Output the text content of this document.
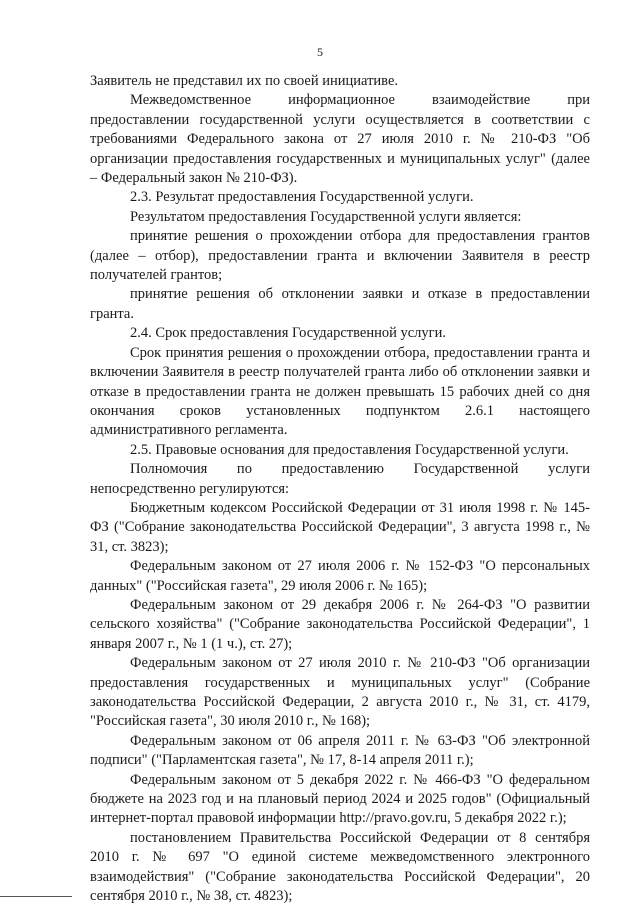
5

Заявитель не представил их по своей инициативе.

Межведомственное информационное взаимодействие при предоставлении государственной услуги осуществляется в соответствии с требованиями Федерального закона от 27 июля 2010 г. № 210-ФЗ "Об организации предоставления государственных и муниципальных услуг" (далее – Федеральный закон № 210-ФЗ).

2.3. Результат предоставления Государственной услуги.

Результатом предоставления Государственной услуги является:

принятие решения о прохождении отбора для предоставления грантов (далее – отбор), предоставлении гранта и включении Заявителя в реестр получателей грантов;

принятие решения об отклонении заявки и отказе в предоставлении гранта.

2.4. Срок предоставления Государственной услуги.

Срок принятия решения о прохождении отбора, предоставлении гранта и включении Заявителя в реестр получателей гранта либо об отклонении заявки и отказе в предоставлении гранта не должен превышать 15 рабочих дней со дня окончания сроков установленных подпунктом 2.6.1 настоящего административного регламента.

2.5. Правовые основания для предоставления Государственной услуги.

Полномочия по предоставлению Государственной услуги непосредственно регулируются:

Бюджетным кодексом Российской Федерации от 31 июля 1998 г. № 145-ФЗ ("Собрание законодательства Российской Федерации", 3 августа 1998 г., № 31, ст. 3823);

Федеральным законом от 27 июля 2006 г. № 152-ФЗ "О персональных данных" ("Российская газета", 29 июля 2006 г. № 165);

Федеральным законом от 29 декабря 2006 г. № 264-ФЗ "О развитии сельского хозяйства" ("Собрание законодательства Российской Федерации", 1 января 2007 г., № 1 (1 ч.), ст. 27);

Федеральным законом от 27 июля 2010 г. № 210-ФЗ "Об организации предоставления государственных и муниципальных услуг" (Собрание законодательства Российской Федерации, 2 августа 2010 г., № 31, ст. 4179, "Российская газета", 30 июля 2010 г., № 168);

Федеральным законом от 06 апреля 2011 г. № 63-ФЗ "Об электронной подписи" ("Парламентская газета", № 17, 8-14 апреля 2011 г.);

Федеральным законом от 5 декабря 2022 г. № 466-ФЗ "О федеральном бюджете на 2023 год и на плановый период 2024 и 2025 годов" (Официальный интернет-портал правовой информации http://pravo.gov.ru, 5 декабря 2022 г.);

постановлением Правительства Российской Федерации от 8 сентября 2010 г. № 697 "О единой системе межведомственного электронного взаимодействия" ("Собрание законодательства Российской Федерации", 20 сентября 2010 г., № 38, ст. 4823);
